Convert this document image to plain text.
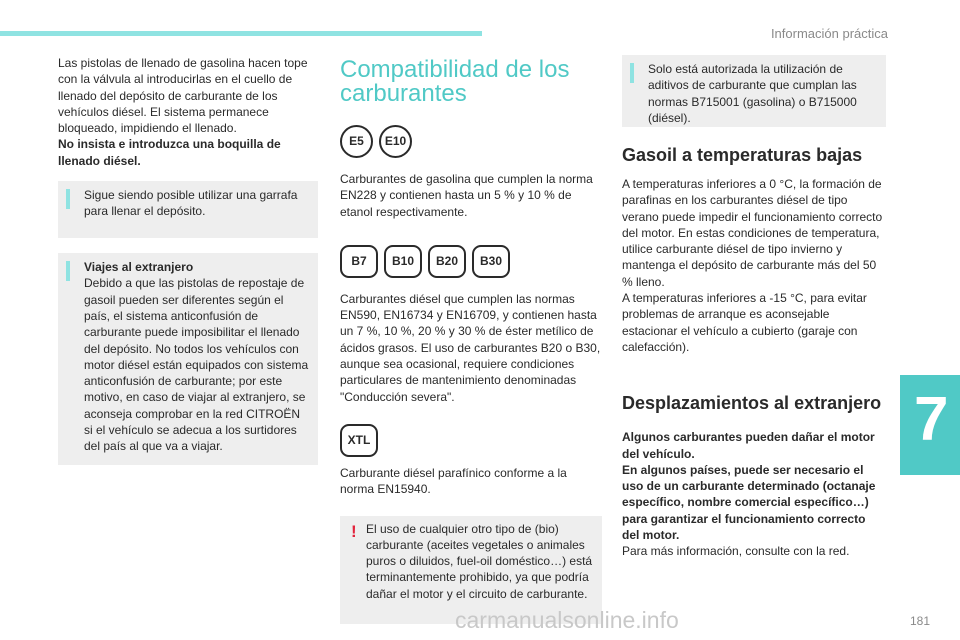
Información práctica

Las pistolas de llenado de gasolina hacen tope con la válvula al introducirlas en el cuello de llenado del depósito de carburante de los vehículos diésel. El sistema permanece bloqueado, impidiendo el llenado.

No insista e introduzca una boquilla de llenado diésel.

Sigue siendo posible utilizar una garrafa para llenar el depósito.

Viajes al extranjero

Debido a que las pistolas de repostaje de gasoil pueden ser diferentes según el país, el sistema anticonfusión de carburante puede imposibilitar el llenado del depósito. No todos los vehículos con motor diésel están equipados con sistema anticonfusión de carburante; por este motivo, en caso de viajar al extranjero, se aconseja comprobar en la red CITROËN si el vehículo se adecua a los surtidores del país al que va a viajar.

Compatibilidad de los carburantes
E5	E10

Carburantes de gasolina que cumplen la norma EN228 y contienen hasta un 5 % y 10 % de etanol respectivamente.

B7	B10	B20	B30

Carburantes diésel que cumplen las normas EN590, EN16734 y EN16709, y contienen hasta un 7 %, 10 %, 20 % y 30 % de éster metílico de ácidos grasos. El uso de carburantes B20 o B30, aunque sea ocasional, requiere condiciones particulares de mantenimiento denominadas "Conducción severa".

XTL

Carburante diésel parafínico conforme a la norma EN15940.

! El uso de cualquier otro tipo de (bio) carburante (aceites vegetales o animales puros o diluidos, fuel-oil doméstico…) está terminantemente prohibido, ya que podría dañar el motor y el circuito de carburante.

Solo está autorizada la utilización de aditivos de carburante que cumplan las normas B715001 (gasolina) o B715000 (diésel).

Gasoil a temperaturas bajas

A temperaturas inferiores a 0 °C, la formación de parafinas en los carburantes diésel de tipo verano puede impedir el funcionamiento correcto del motor. En estas condiciones de temperatura, utilice carburante diésel de tipo invierno y mantenga el depósito de carburante más del 50 % lleno.

A temperaturas inferiores a -15 °C, para evitar problemas de arranque es aconsejable estacionar el vehículo a cubierto (garaje con calefacción).

Desplazamientos al extranjero

Algunos carburantes pueden dañar el motor del vehículo.

En algunos países, puede ser necesario el uso de un carburante determinado (octanaje específico, nombre comercial específico…) para garantizar el funcionamiento correcto del motor.

Para más información, consulte con la red.

7
carmanualsonline.info	181
